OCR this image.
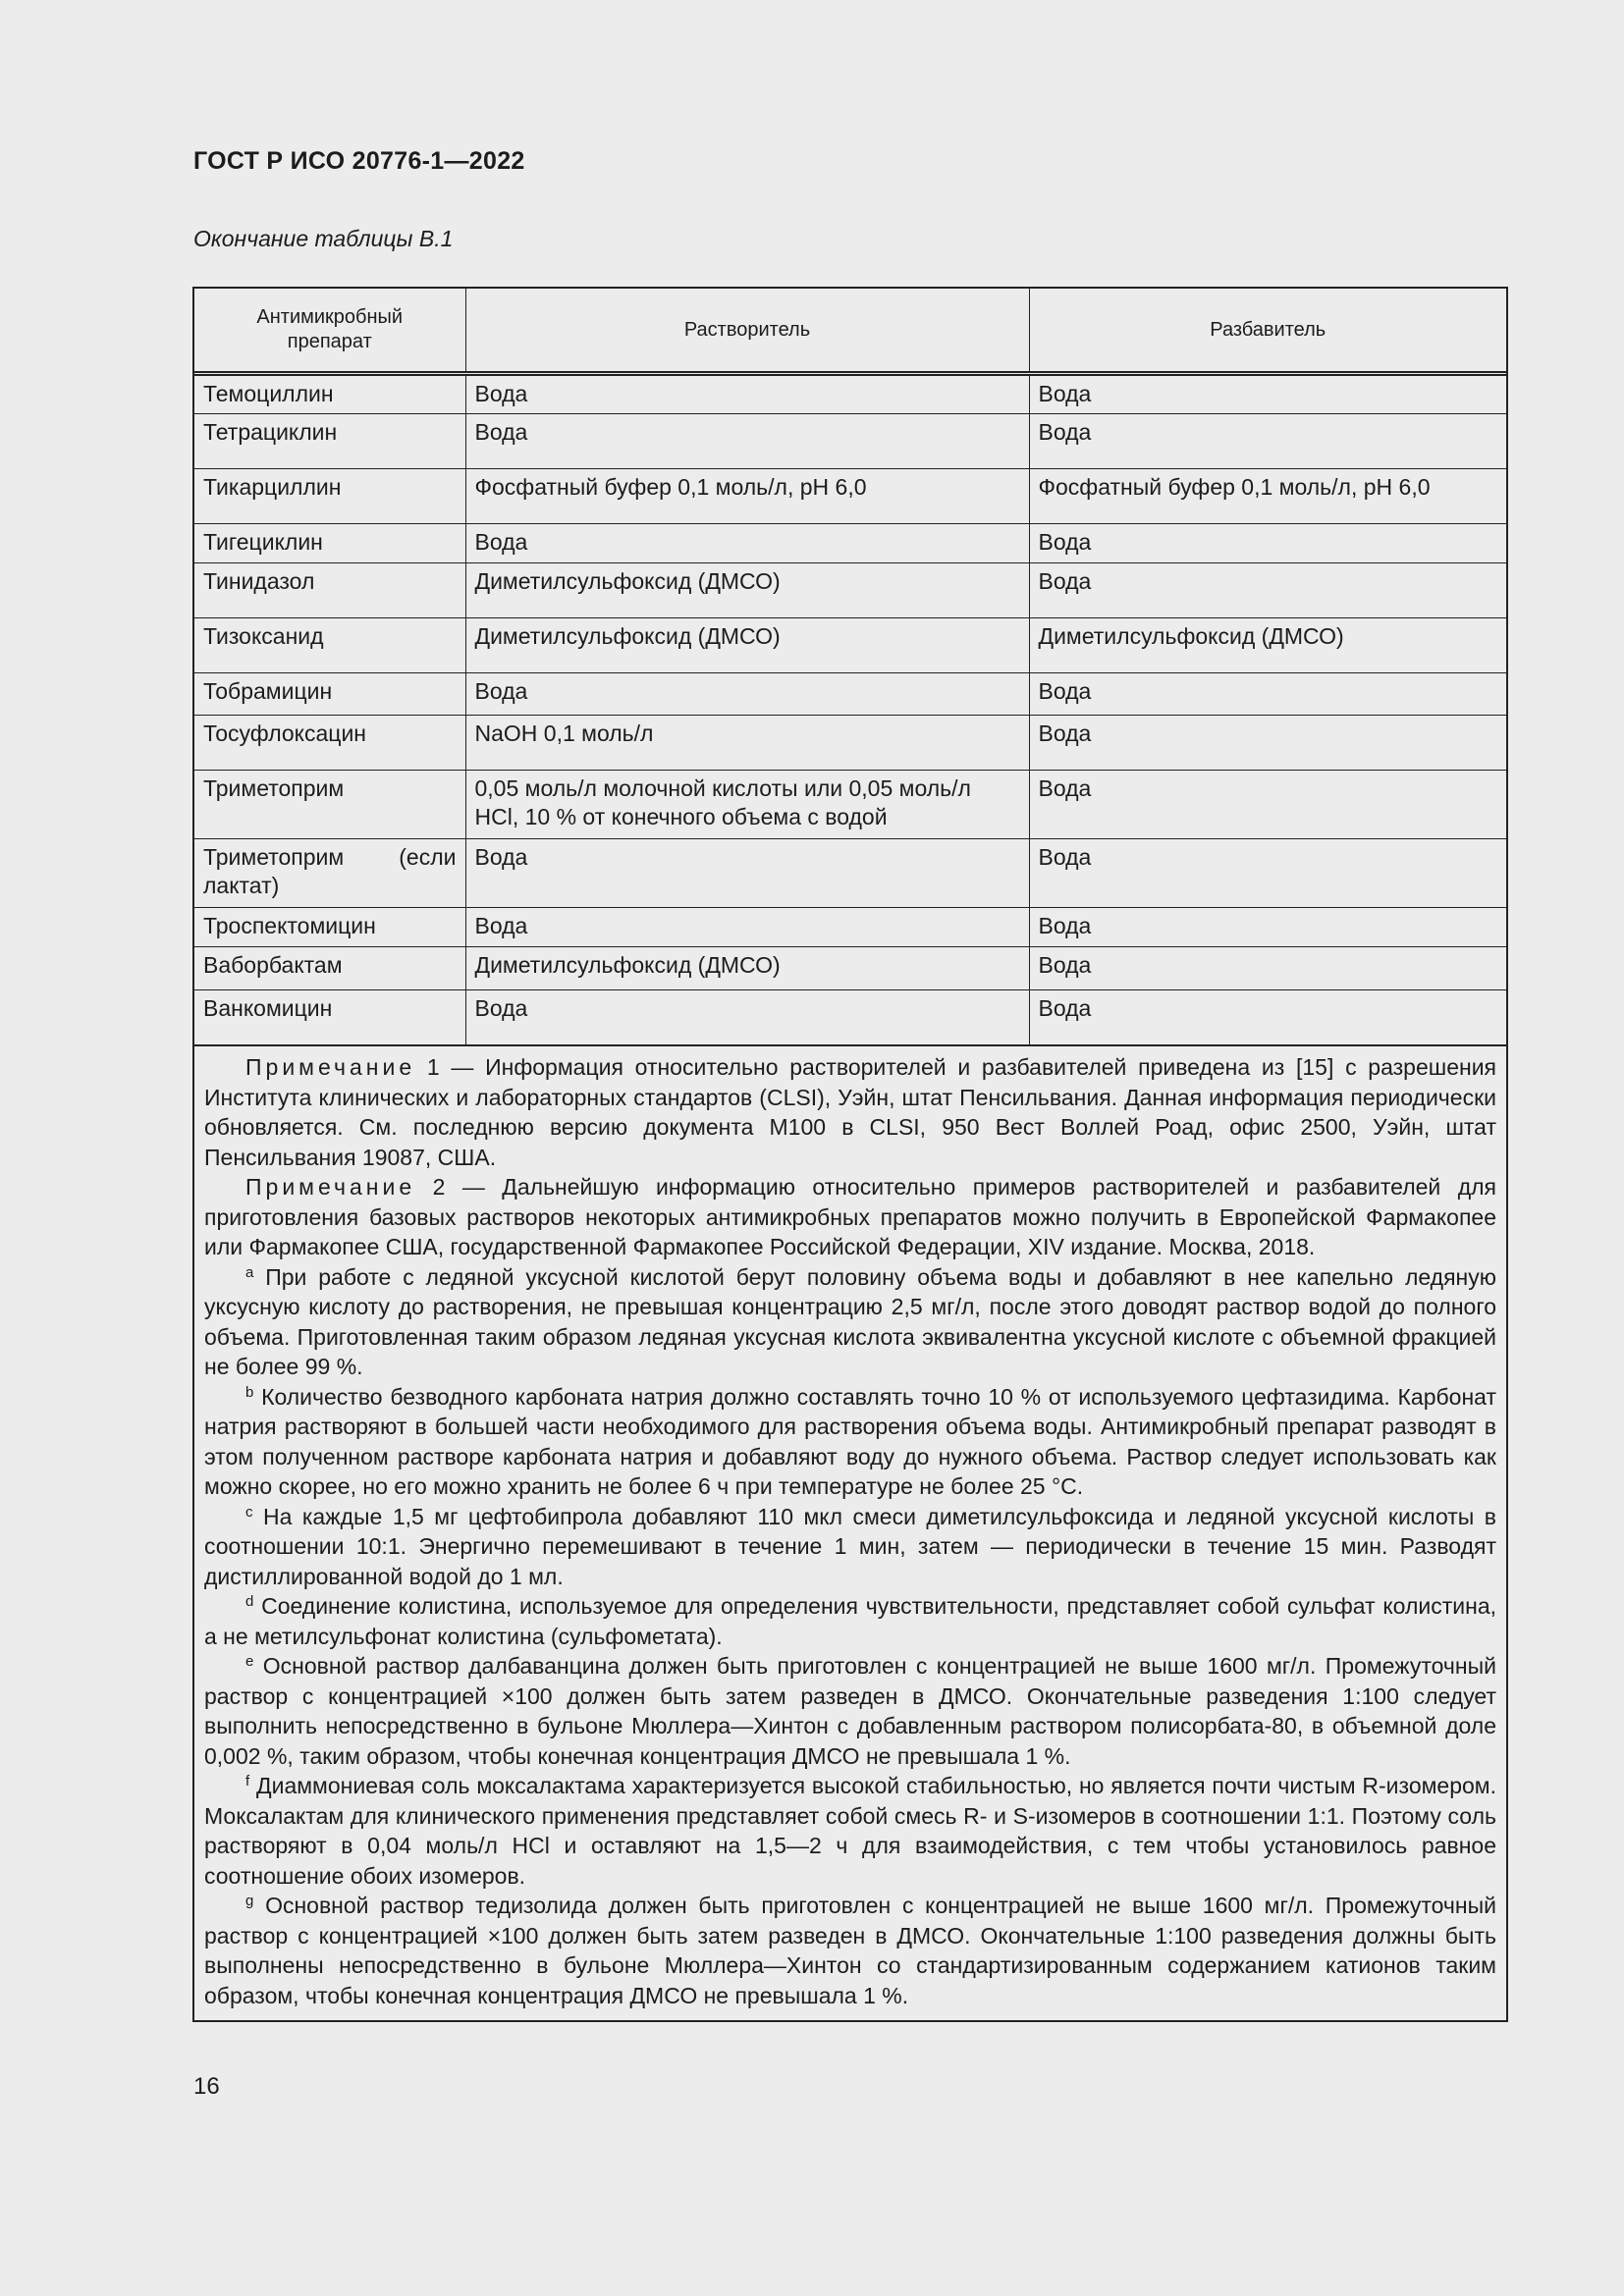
ГОСТ Р ИСО 20776-1—2022
Окончание таблицы В.1
Антимикробный препарат	Растворитель	Разбавитель
Темоциллин	Вода	Вода
Тетрациклин	Вода	Вода
Тикарциллин	Фосфатный буфер 0,1 моль/л, pH 6,0	Фосфатный буфер 0,1 моль/л, pH 6,0
Тигециклин	Вода	Вода
Тинидазол	Диметилсульфоксид (ДМСО)	Вода
Тизоксанид	Диметилсульфоксид (ДМСО)	Диметилсульфоксид (ДМСО)
Тобрамицин	Вода	Вода
Тосуфлоксацин	NaOH 0,1 моль/л	Вода
Триметоприм	0,05 моль/л молочной кислоты или 0,05 моль/л HCl, 10 % от конечного объема с водой	Вода

Триметоприм (если лактат)	Вода	Вода
Троспектомицин	Вода	Вода
Ваборбактам	Диметилсульфоксид (ДМСО)	Вода
Ванкомицин	Вода	Вода

Примечание 1 — Информация относительно растворителей и разбавителей приведена из [15] с разрешения Института клинических и лабораторных стандартов (CLSI), Уэйн, штат Пенсильвания. Данная информация периодически обновляется. См. последнюю версию документа M100 в CLSI, 950 Вест Воллей Роад, офис 2500, Уэйн, штат Пенсильвания 19087, США.

Примечание 2 — Дальнейшую информацию относительно примеров растворителей и разбавителей для приготовления базовых растворов некоторых антимикробных препаратов можно получить в Европейской Фармакопее или Фармакопее США, государственной Фармакопее Российской Федерации, XIV издание. Москва, 2018.

$^a$ При работе с ледяной уксусной кислотой берут половину объема воды и добавляют в нее капельно ледяную уксусную кислоту до растворения, не превышая концентрацию 2,5 мг/л, после этого доводят раствор водой до полного объема. Приготовленная таким образом ледяная уксусная кислота эквивалентна уксусной кислоте с объемной фракцией не более 99 %.

$^b$ Количество безводного карбоната натрия должно составлять точно 10 % от используемого цефтазидима. Карбонат натрия растворяют в большей части необходимого для растворения объема воды. Антимикробный препарат разводят в этом полученном растворе карбоната натрия и добавляют воду до нужного объема. Раствор следует использовать как можно скорее, но его можно хранить не более 6 ч при температуре не более 25 °С.

$^c$ На каждые 1,5 мг цефтобипрола добавляют 110 мкл смеси диметилсульфоксида и ледяной уксусной кислоты в соотношении 10:1. Энергично перемешивают в течение 1 мин, затем — периодически в течение 15 мин. Разводят дистиллированной водой до 1 мл.

$^d$ Соединение колистина, используемое для определения чувствительности, представляет собой сульфат колистина, а не метилсульфонат колистина (сульфометата).

$^e$ Основной раствор далбаванцина должен быть приготовлен с концентрацией не выше 1600 мг/л. Промежуточный раствор с концентрацией ×100 должен быть затем разведен в ДМСО. Окончательные разведения 1:100 следует выполнить непосредственно в бульоне Мюллера—Хинтон с добавленным раствором полисорбата-80, в объемной доле 0,002 %, таким образом, чтобы конечная концентрация ДМСО не превышала 1 %.

$^f$ Диаммониевая соль моксалактама характеризуется высокой стабильностью, но является почти чистым R-изомером. Моксалактам для клинического применения представляет собой смесь R- и S-изомеров в соотношении 1:1. Поэтому соль растворяют в 0,04 моль/л HCl и оставляют на 1,5—2 ч для взаимодействия, с тем чтобы установилось равное соотношение обоих изомеров.

$^g$ Основной раствор тедизолида должен быть приготовлен с концентрацией не выше 1600 мг/л. Промежуточный раствор с концентрацией ×100 должен быть затем разведен в ДМСО. Окончательные 1:100 разведения должны быть выполнены непосредственно в бульоне Мюллера—Хинтон со стандартизированным содержанием катионов таким образом, чтобы конечная концентрация ДМСО не превышала 1 %.

16
